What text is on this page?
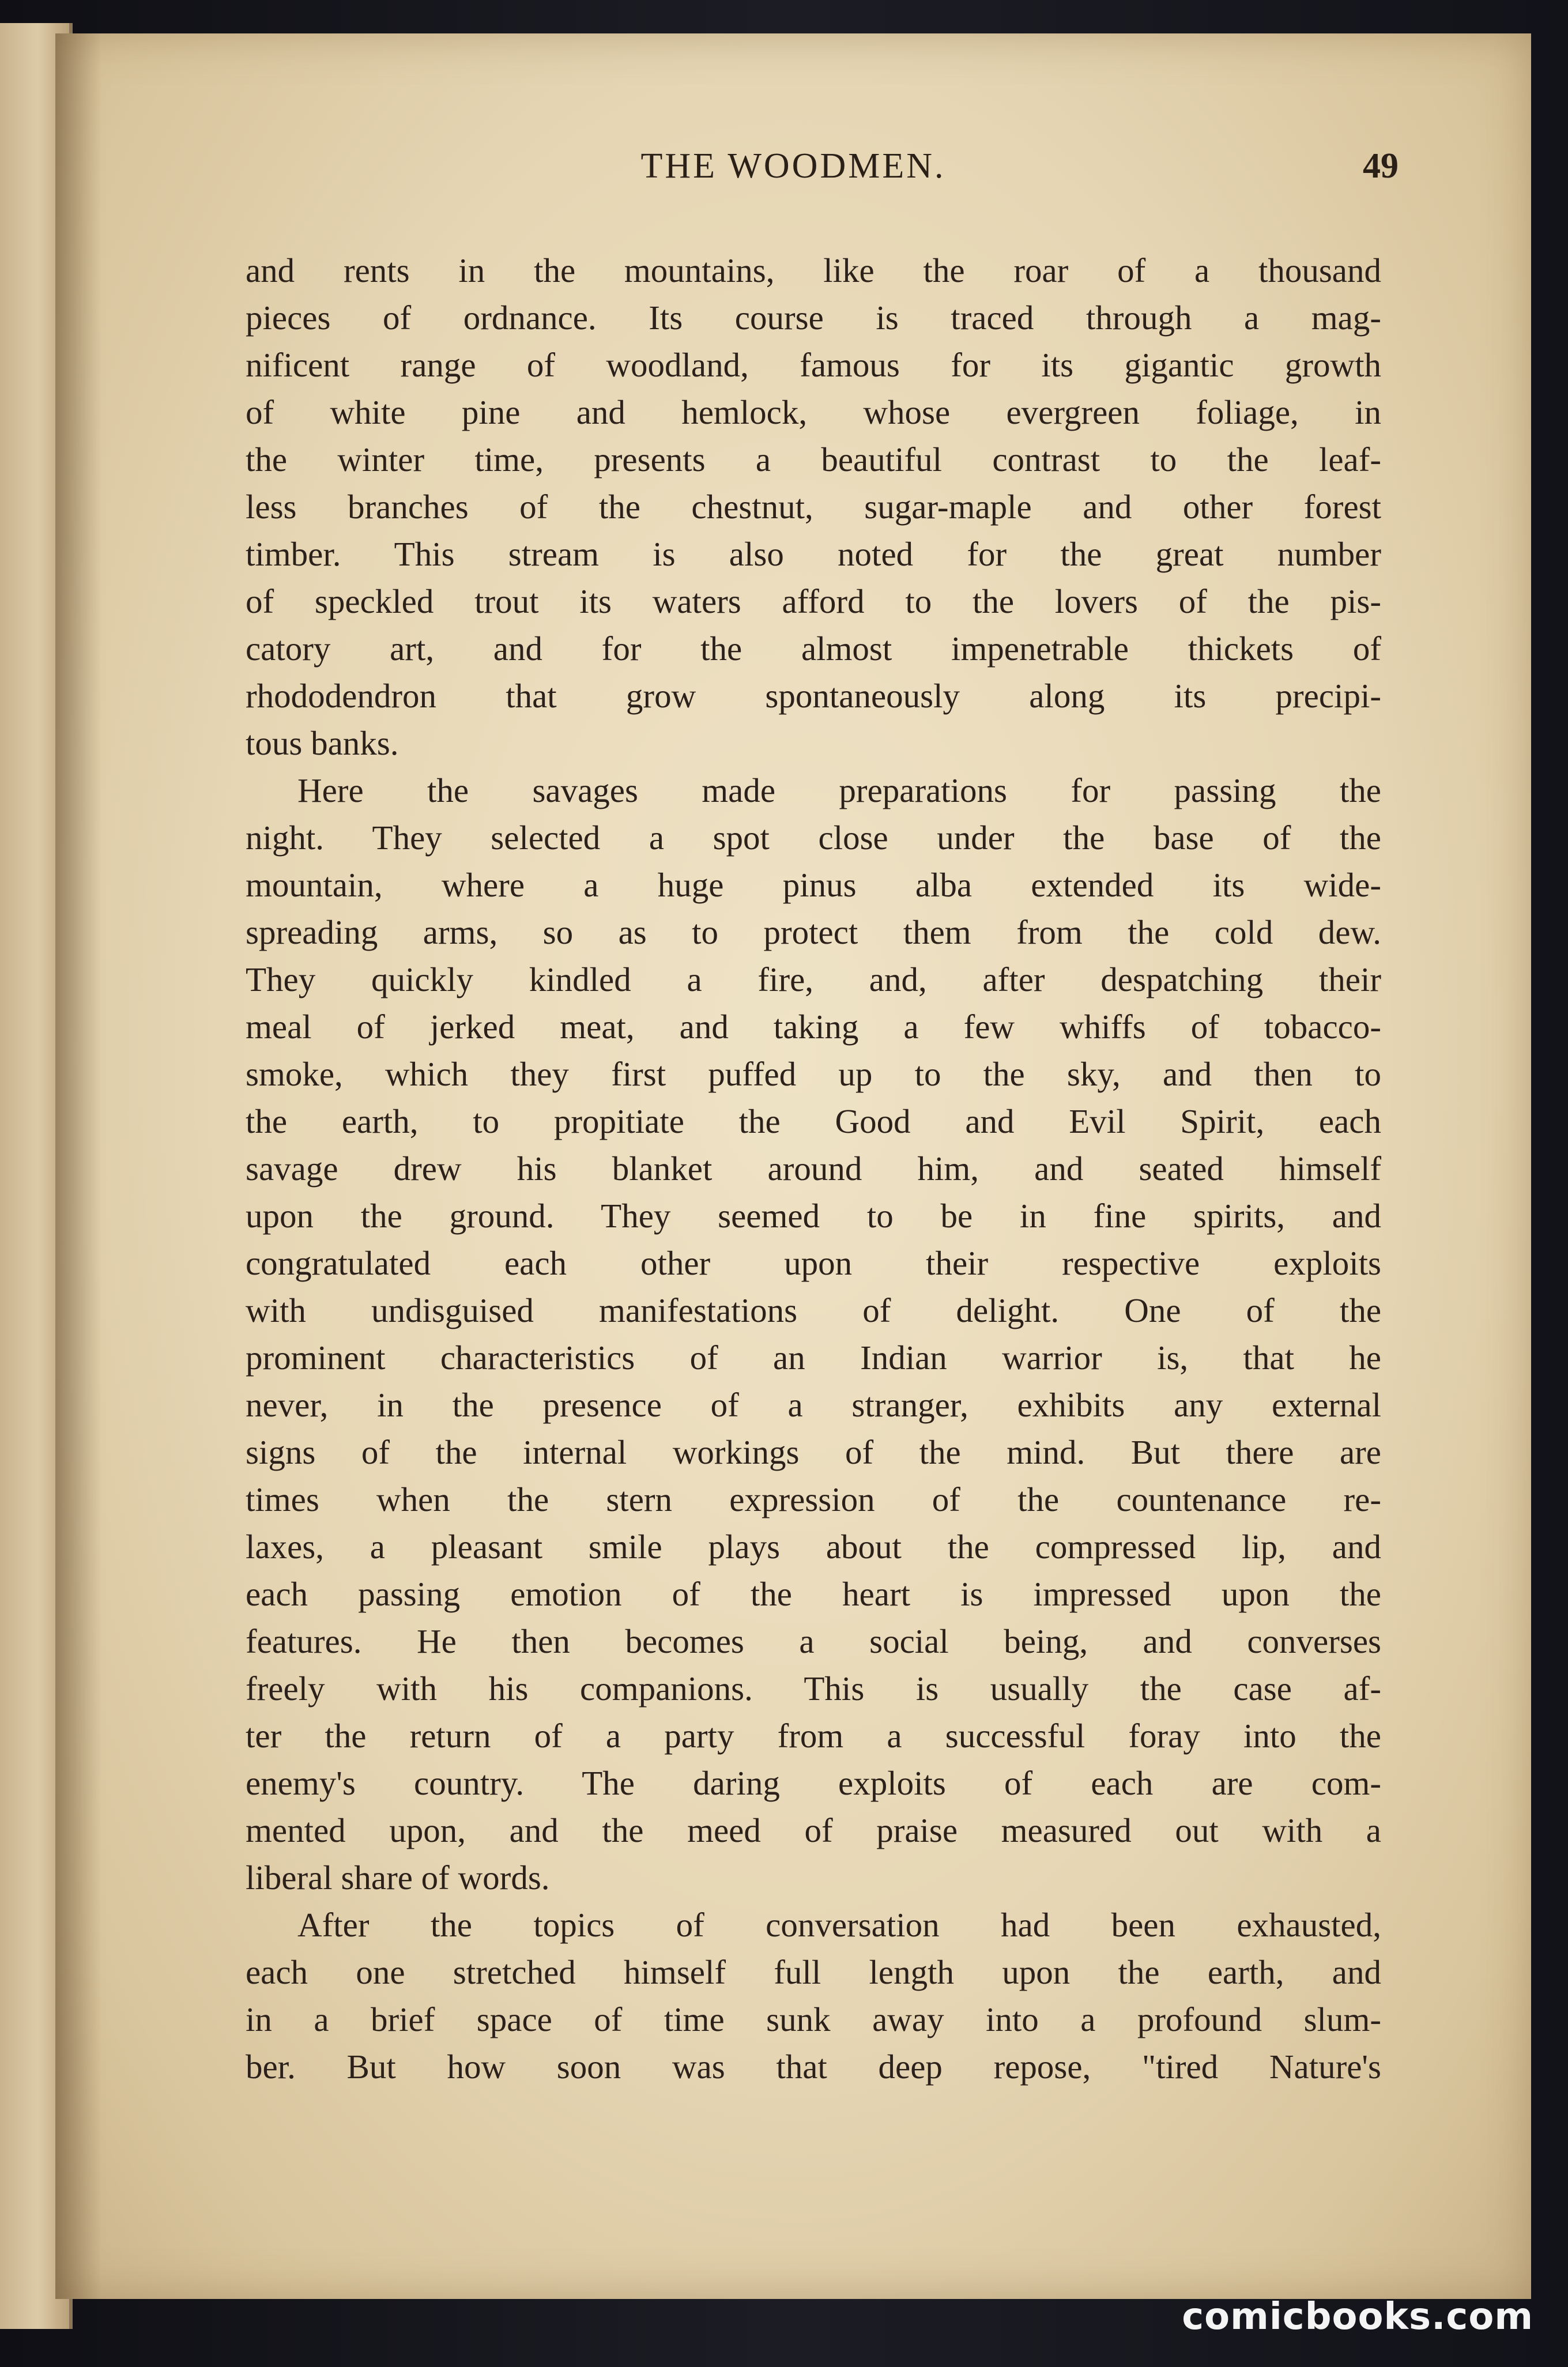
THE WOODMEN.	49

and rents in the mountains, like the roar of a thousand
pieces of ordnance. Its course is traced through a mag-
nificent range of woodland, famous for its gigantic growth
of white pine and hemlock, whose evergreen foliage, in
the winter time, presents a beautiful contrast to the leaf-
less branches of the chestnut, sugar-maple and other forest
timber. This stream is also noted for the great number
of speckled trout its waters afford to the lovers of the pis-
catory art, and for the almost impenetrable thickets of
rhododendron that grow spontaneously along its precipi-
tous banks.

Here the savages made preparations for passing the
night. They selected a spot close under the base of the
mountain, where a huge pinus alba extended its wide-
spreading arms, so as to protect them from the cold dew.
They quickly kindled a fire, and, after despatching their
meal of jerked meat, and taking a few whiffs of tobacco-
smoke, which they first puffed up to the sky, and then to
the earth, to propitiate the Good and Evil Spirit, each
savage drew his blanket around him, and seated himself
upon the ground. They seemed to be in fine spirits, and
congratulated each other upon their respective exploits
with undisguised manifestations of delight. One of the
prominent characteristics of an Indian warrior is, that he
never, in the presence of a stranger, exhibits any external
signs of the internal workings of the mind. But there are
times when the stern expression of the countenance re-
laxes, a pleasant smile plays about the compressed lip, and
each passing emotion of the heart is impressed upon the
features. He then becomes a social being, and converses
freely with his companions. This is usually the case af-
ter the return of a party from a successful foray into the
enemy's country. The daring exploits of each are com-
mented upon, and the meed of praise measured out with a
liberal share of words.

After the topics of conversation had been exhausted,
each one stretched himself full length upon the earth, and
in a brief space of time sunk away into a profound slum-
ber. But how soon was that deep repose, "tired Nature's

comicbooks.com
